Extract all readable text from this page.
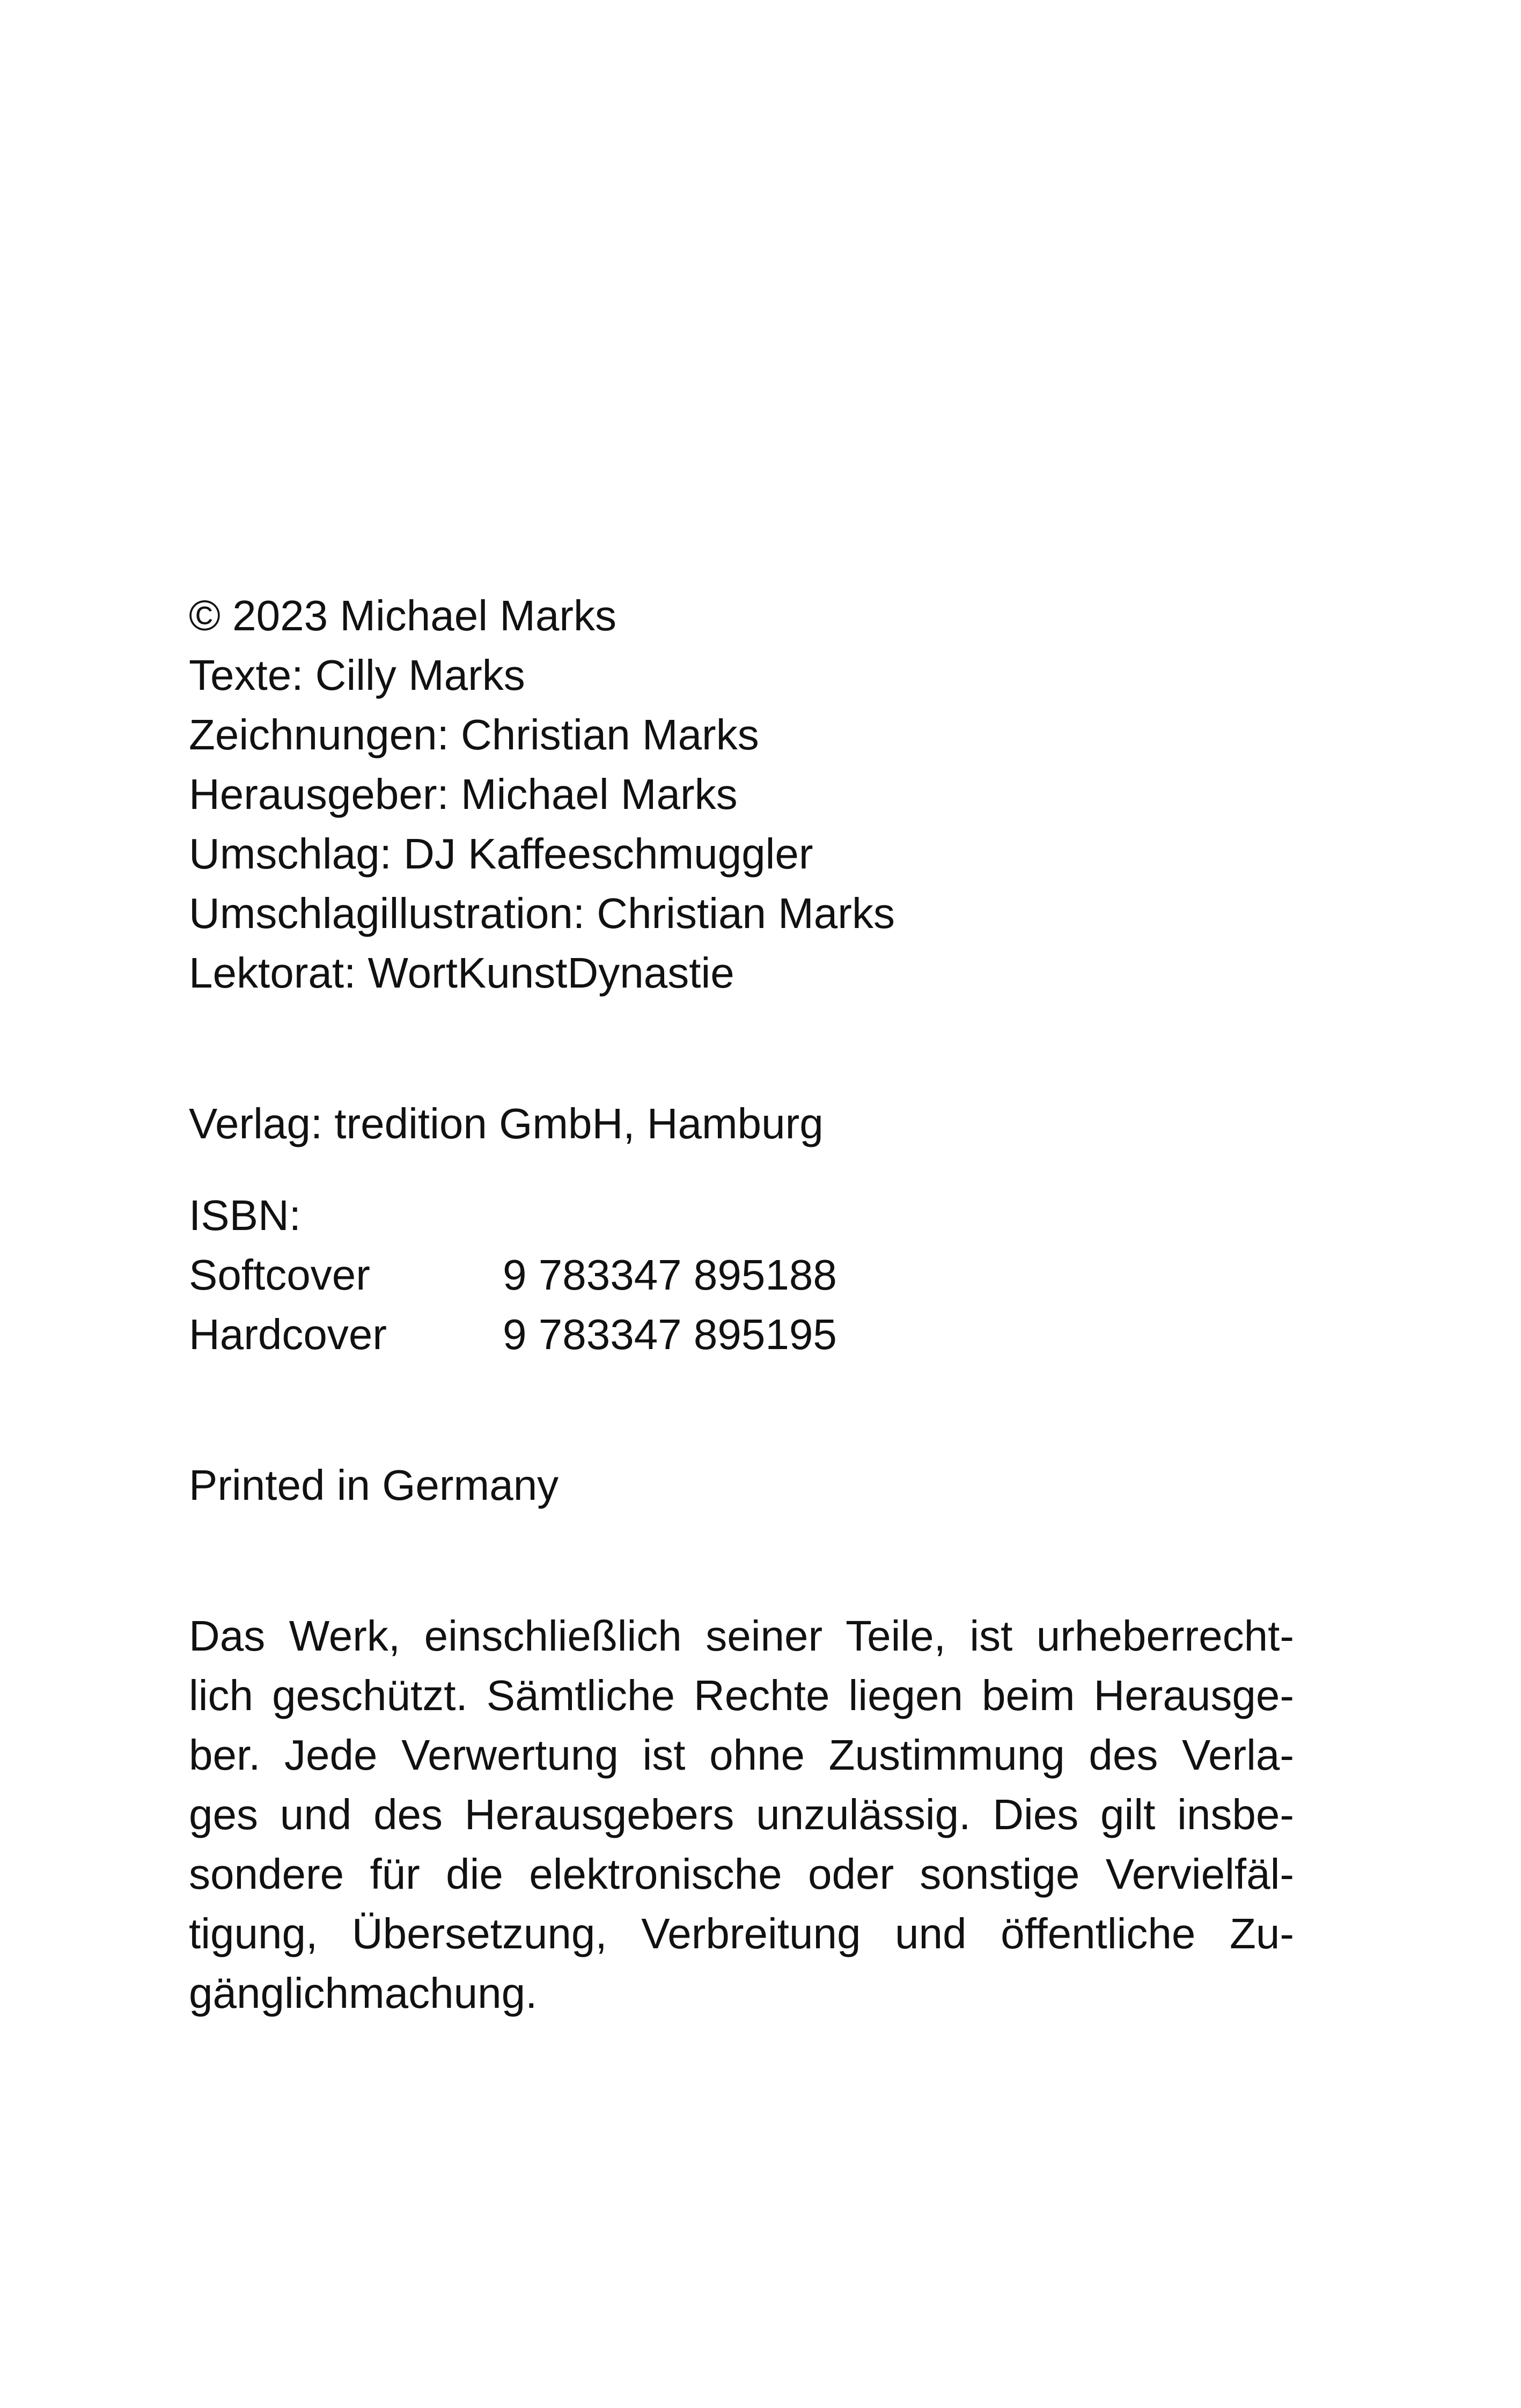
© 2023 Michael Marks
Texte: Cilly Marks
Zeichnungen: Christian Marks
Herausgeber: Michael Marks
Umschlag: DJ Kaffeeschmuggler
Umschlagillustration: Christian Marks
Lektorat: WortKunstDynastie
Verlag: tredition GmbH, Hamburg
ISBN:
Softcover	9 783347 895188
Hardcover	9 783347 895195
Printed in Germany
Das Werk, einschließlich seiner Teile, ist urheberrecht-
lich geschützt. Sämtliche Rechte liegen beim Herausge-
ber. Jede Verwertung ist ohne Zustimmung des Verla-
ges und des Herausgebers unzulässig. Dies gilt insbe-
sondere für die elektronische oder sonstige Vervielfäl-
tigung, Übersetzung, Verbreitung und öffentliche Zu-
gänglichmachung.
